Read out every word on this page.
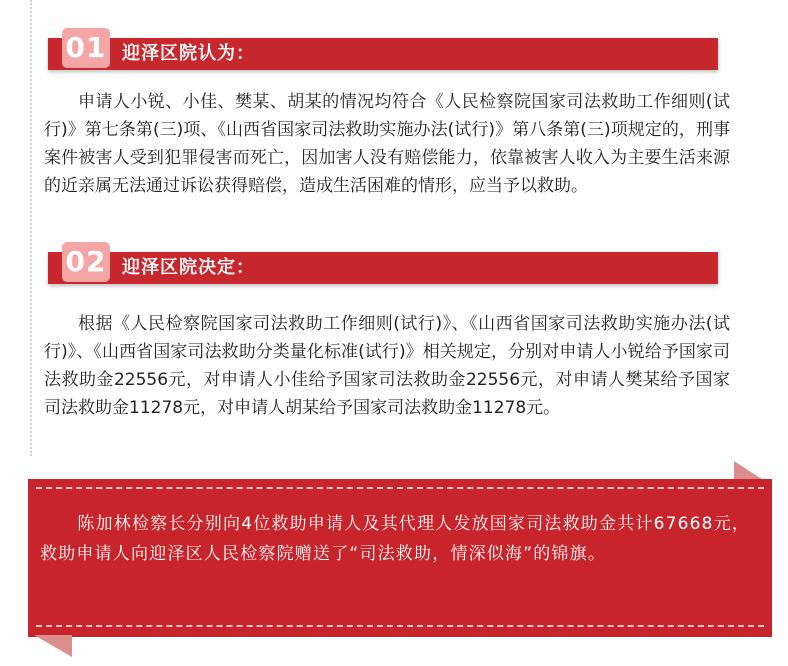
01 迎泽区院认为：

申请人小锐、小佳、樊某、胡某的情况均符合《人民检察院国家司法救助工作细则(试行)》第七条第(三)项、《山西省国家司法救助实施办法(试行)》第八条第(三)项规定的，刑事案件被害人受到犯罪侵害而死亡，因加害人没有赔偿能力，依靠被害人收入为主要生活来源的近亲属无法通过诉讼获得赔偿，造成生活困难的情形，应当予以救助。

02 迎泽区院决定：

根据《人民检察院国家司法救助工作细则(试行)》、《山西省国家司法救助实施办法(试行)》、《山西省国家司法救助分类量化标准(试行)》相关规定，分别对申请人小锐给予国家司法救助金22556元，对申请人小佳给予国家司法救助金22556元，对申请人樊某给予国家司法救助金11278元，对申请人胡某给予国家司法救助金11278元。

陈加林检察长分别向4位救助申请人及其代理人发放国家司法救助金共计67668元，救助申请人向迎泽区人民检察院赠送了“司法救助，情深似海”的锦旗。
